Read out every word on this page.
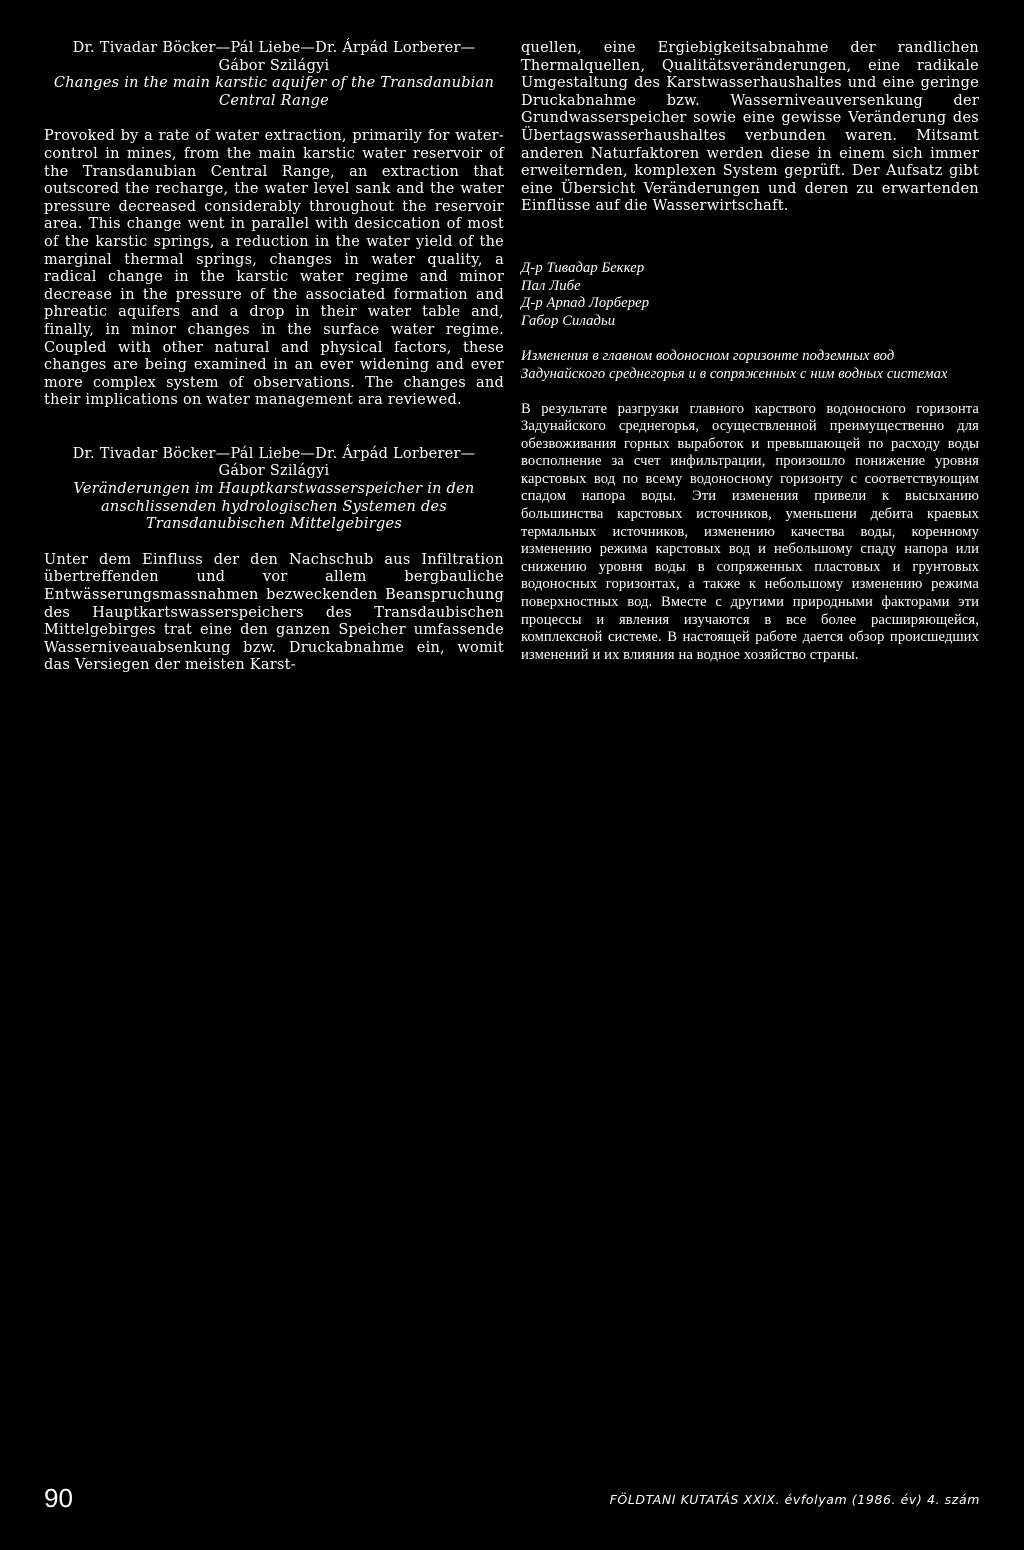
Dr. Tivadar Böcker—Pál Liebe—Dr. Árpád Lorberer—
Gábor Szilágyi

Changes in the main karstic aquifer of the Transdanubian Central Range

Provoked by a rate of water extraction, primarily for water-control in mines, from the main karstic water reservoir of the Transdanubian Central Range, an extraction that outscored the recharge, the water level sank and the water pressure decreased considerably throughout the reservoir area. This change went in parallel with desiccation of most of the karstic springs, a reduction in the water yield of the marginal thermal springs, changes in water quality, a radical change in the karstic water regime and minor decrease in the pressure of the associated formation and phreatic aquifers and a drop in their water table and, finally, in minor changes in the surface water regime. Coupled with other natural and physical factors, these changes are being examined in an ever widening and ever more complex system of observations. The changes and their implications on water management ara reviewed.

Dr. Tivadar Böcker—Pál Liebe—Dr. Árpád Lorberer—
Gábor Szilágyi

Veränderungen im Hauptkarstwasserspeicher in den anschlissenden hydrologischen Systemen des Transdanubischen Mittelgebirges

Unter dem Einfluss der den Nachschub aus Infiltration übertreffenden und vor allem bergbauliche Entwässerungsmassnahmen bezweckenden Beanspruchung des Hauptkartswasserspeichers des Transdaubischen Mittelgebirges trat eine den ganzen Speicher umfassende Wasserniveauabsenkung bzw. Druckabnahme ein, womit das Versiegen der meisten Karst-

quellen, eine Ergiebigkeitsabnahme der randlichen Thermalquellen, Qualitätsveränderungen, eine radikale Umgestaltung des Karstwasserhaushaltes und eine geringe Druckabnahme bzw. Wasserniveauversenkung der Grundwasserspeicher sowie eine gewisse Veränderung des Übertagswasserhaushaltes verbunden waren. Mitsamt anderen Naturfaktoren werden diese in einem sich immer erweiternden, komplexen System geprüft. Der Aufsatz gibt eine Übersicht Veränderungen und deren zu erwartenden Einflüsse auf die Wasserwirtschaft.

Д-р Тивадар Беккер

Пал Либе

Д-р Арпад Лорберер

Габор Силадьи

Изменения в главном водоносном горизонте подземных вод Задунайского среднегорья и в сопряженных с ним водных системах

В результате разгрузки главного карствого водоносного горизонта Задунайского среднегорья, осуществленной преимущественно для обезвоживания горных выработок и превышающей по расходу воды восполнение за счет инфильтрации, произошло понижение уровня карстовых вод по всему водоносному горизонту с соответствующим спадом напора воды. Эти изменения привели к высыханию большинства карстовых источников, уменьшени дебита краевых термальных источников, изменению качества воды, коренному изменению режима карстовых вод и небольшому спаду напора или снижению уровня воды в сопряженных пластовых и грунтовых водоносных горизонтах, а также к небольшому изменению режима поверхностных вод. Вместе с другими природными факторами эти процессы и явления изучаются в все более расширяющейся, комплексной системе. В настоящей работе дается обзор происшедших изменений и их влияния на водное хозяйство страны.

90	FÖLDTANI KUTATÁS XXIX. évfolyam (1986. év) 4. szám
